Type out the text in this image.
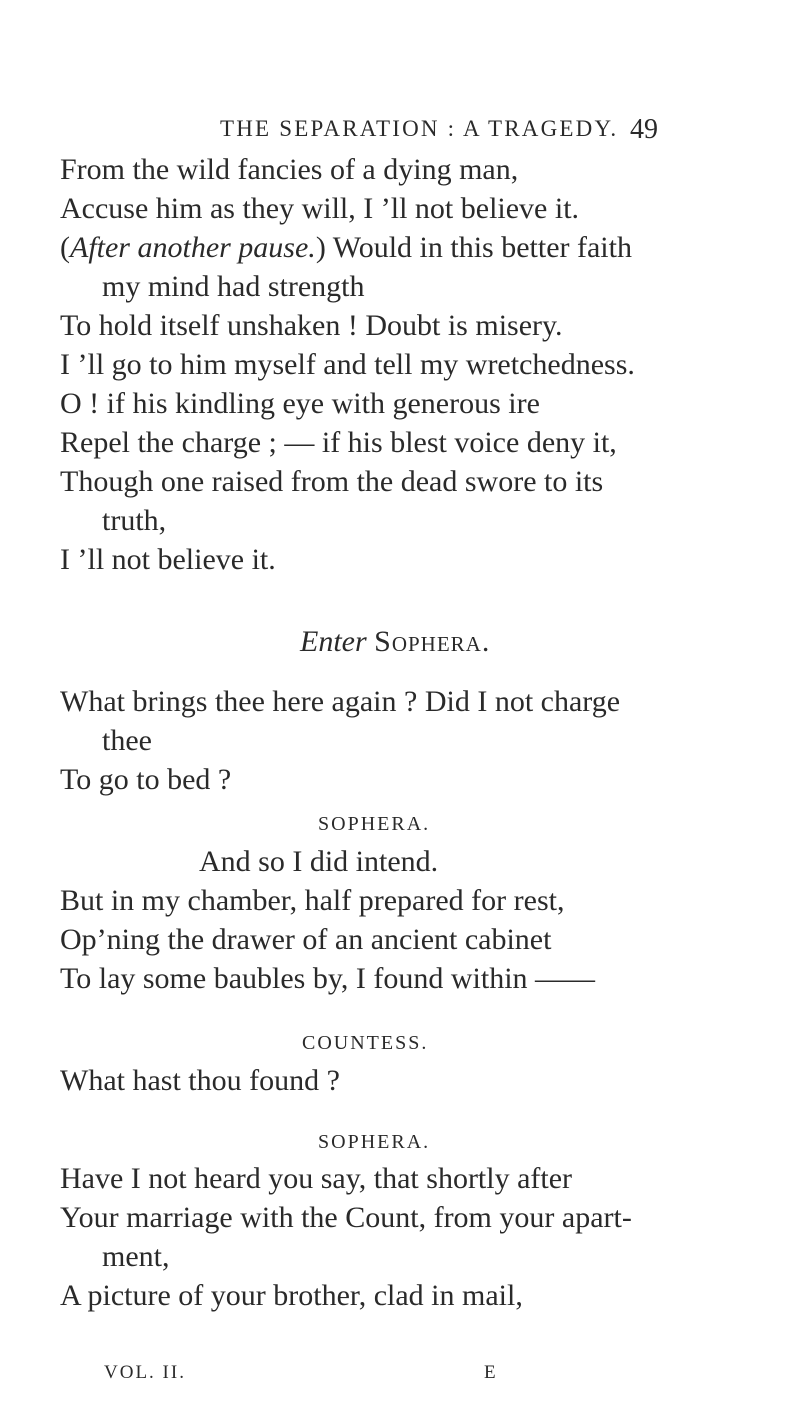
THE SEPARATION : A TRAGEDY. 49
From the wild fancies of a dying man,
Accuse him as they will, I ’ll not believe it.
(After another pause.) Would in this better faith
my mind had strength
To hold itself unshaken ! Doubt is misery.
I ’ll go to him myself and tell my wretchedness.
O ! if his kindling eye with generous ire
Repel the charge ; — if his blest voice deny it,
Though one raised from the dead swore to its
truth,
I ’ll not believe it.
Enter Sophera.
What brings thee here again ? Did I not charge
thee
To go to bed ?
SOPHERA.
And so I did intend.
But in my chamber, half prepared for rest,
Op’ning the drawer of an ancient cabinet
To lay some baubles by, I found within ——
COUNTESS.
What hast thou found ?
SOPHERA.
Have I not heard you say, that shortly after
Your marriage with the Count, from your apart-
ment,
A picture of your brother, clad in mail,
VOL. II.	E
